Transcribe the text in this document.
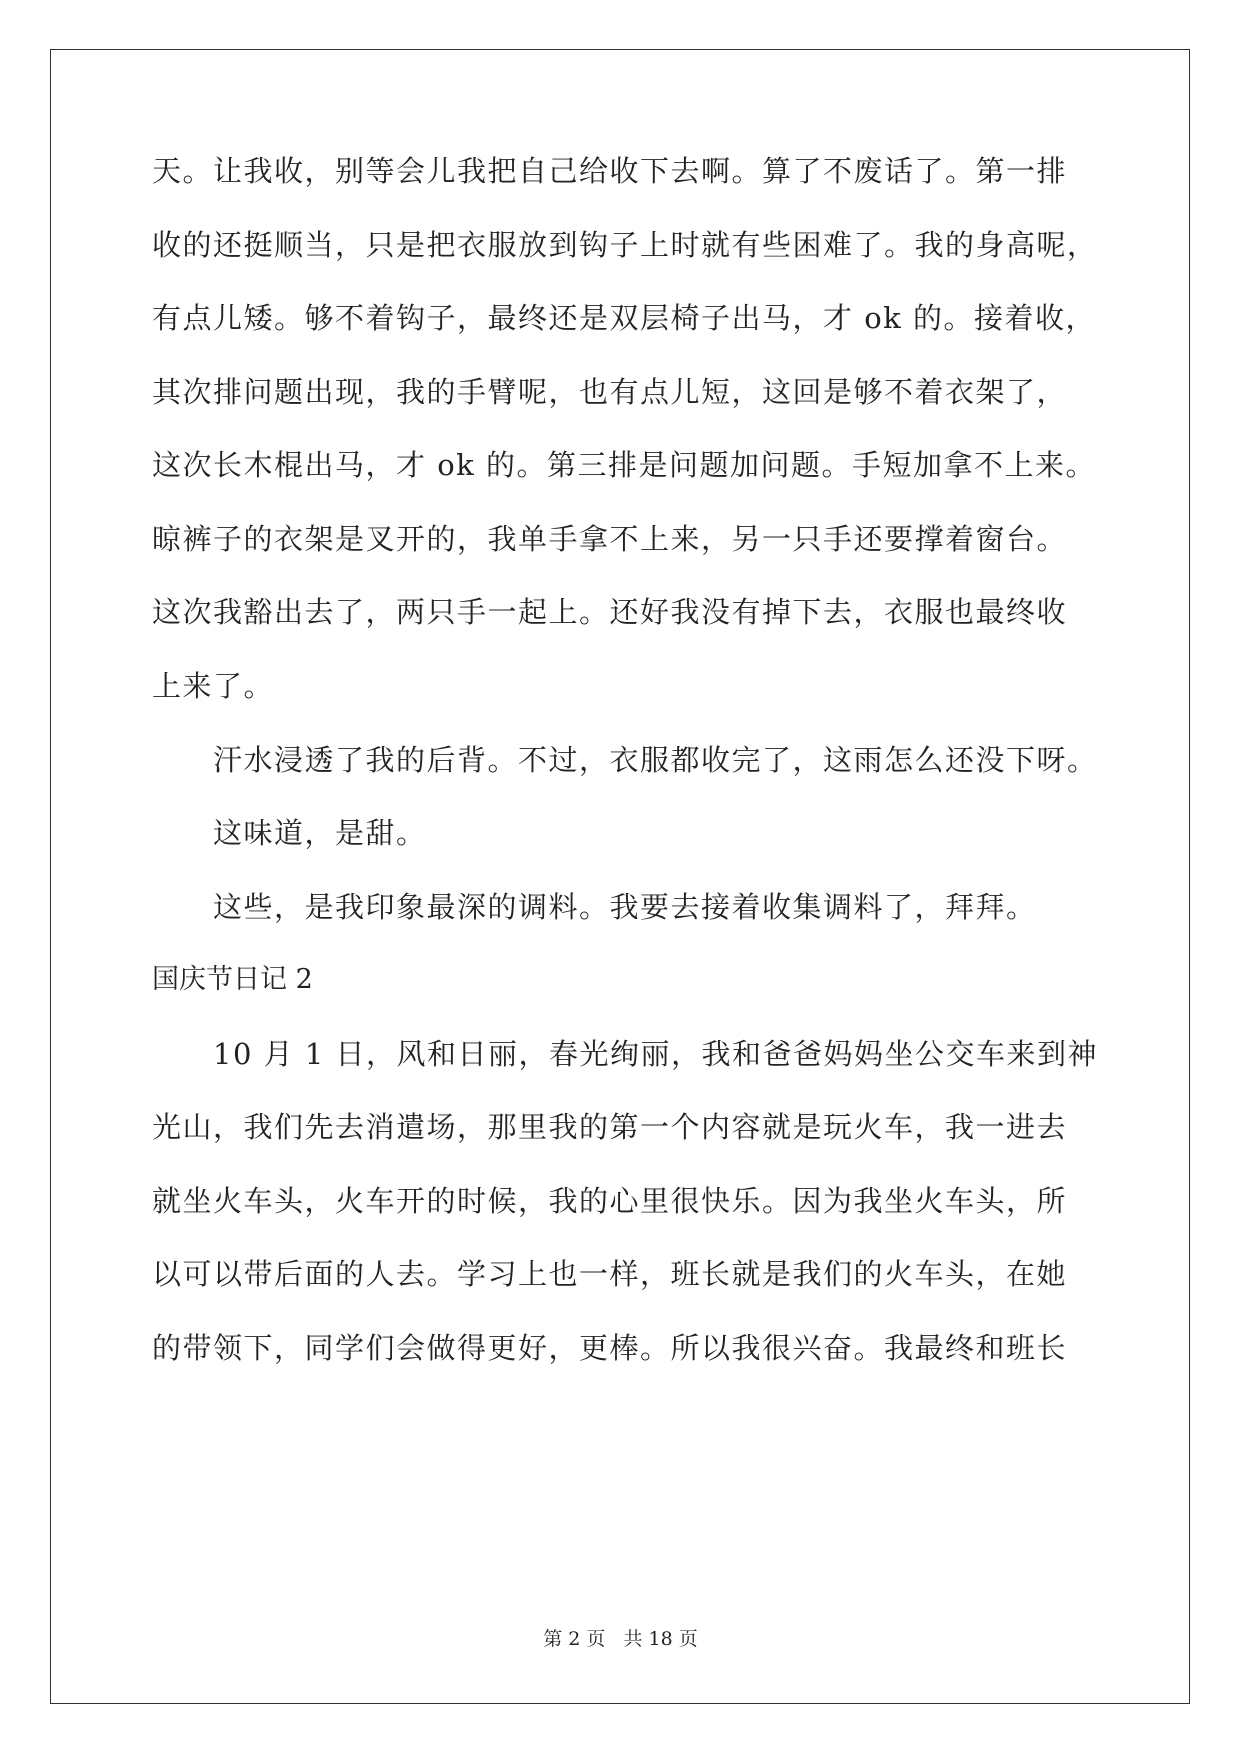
天。让我收，别等会儿我把自己给收下去啊。算了不废话了。第一排
收的还挺顺当，只是把衣服放到钩子上时就有些困难了。我的身高呢，
有点儿矮。够不着钩子，最终还是双层椅子出马，才 ok 的。接着收，
其次排问题出现，我的手臂呢，也有点儿短，这回是够不着衣架了，
这次长木棍出马，才 ok 的。第三排是问题加问题。手短加拿不上来。
晾裤子的衣架是叉开的，我单手拿不上来，另一只手还要撑着窗台。
这次我豁出去了，两只手一起上。还好我没有掉下去，衣服也最终收
上来了。
汗水浸透了我的后背。不过，衣服都收完了，这雨怎么还没下呀。
这味道，是甜。
这些，是我印象最深的调料。我要去接着收集调料了，拜拜。
国庆节日记 2
10 月 1 日，风和日丽，春光绚丽，我和爸爸妈妈坐公交车来到神
光山，我们先去消遣场，那里我的第一个内容就是玩火车，我一进去
就坐火车头，火车开的时候，我的心里很快乐。因为我坐火车头，所
以可以带后面的人去。学习上也一样，班长就是我们的火车头，在她
的带领下，同学们会做得更好，更棒。所以我很兴奋。我最终和班长
第 2 页   共 18 页
